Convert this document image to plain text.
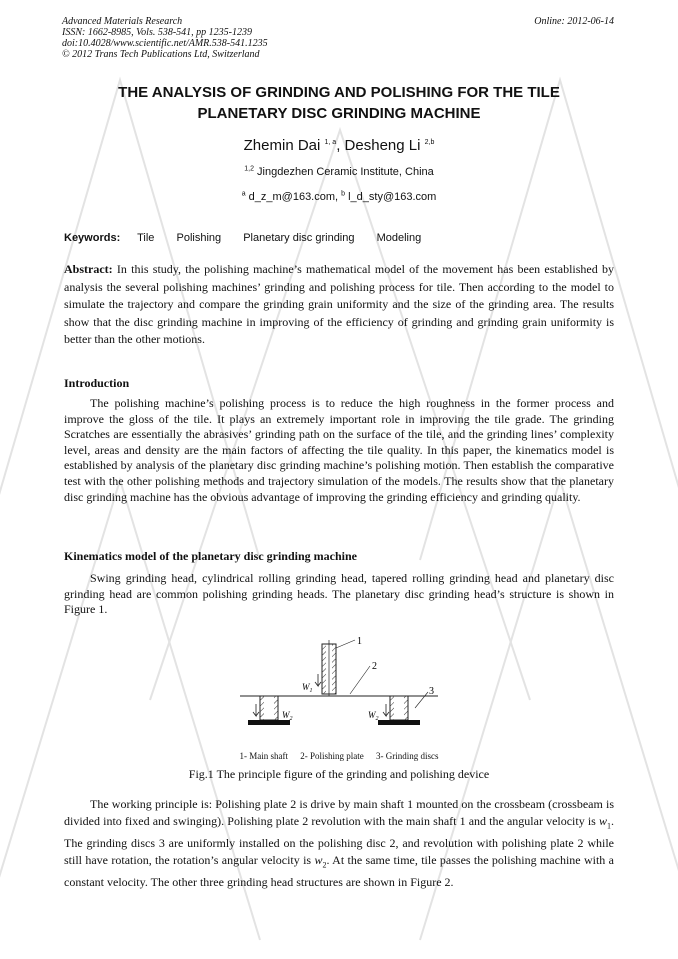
Advanced Materials Research
ISSN: 1662-8985, Vols. 538-541, pp 1235-1239
doi:10.4028/www.scientific.net/AMR.538-541.1235
© 2012 Trans Tech Publications Ltd, Switzerland
Online: 2012-06-14
THE ANALYSIS OF GRINDING AND POLISHING FOR THE TILE
PLANETARY DISC GRINDING MACHINE
Zhemin Dai $^{1, a}$, Desheng Li $^{2,b}$
$^{1,2}$ Jingdezhen Ceramic Institute, China
$^a$ d_z_m@163.com, $^b$ l_d_sty@163.com
Keywords: Tile Polishing Planetary disc grinding Modeling

Abstract: In this study, the polishing machine’s mathematical model of the movement has been established by analysis the several polishing machines’ grinding and polishing process for tile. Then according to the model to simulate the trajectory and compare the grinding grain uniformity and the size of the grinding area. The results show that the disc grinding machine in improving of the efficiency of grinding and grinding grain uniformity is better than the other motions.

Introduction

The polishing machine’s polishing process is to reduce the high roughness in the former process and improve the gloss of the tile. It plays an extremely important role in improving the tile grade. The grinding Scratches are essentially the abrasives’ grinding path on the surface of the tile, and the grinding lines’ complexity level, areas and density are the main factors of affecting the tile quality. In this paper, the kinematics model is established by analysis of the planetary disc grinding machine’s polishing motion. Then establish the comparative test with the other polishing methods and trajectory simulation of the models. The results show that the planetary disc grinding machine has the obvious advantage of improving the grinding efficiency and grinding quality.

Kinematics model of the planetary disc grinding machine

Swing grinding head, cylindrical rolling grinding head, tapered rolling grinding head and planetary disc grinding head are common polishing grinding heads. The planetary disc grinding head’s structure is shown in Figure 1.

1
2
3
$W_1$
$W_2$	$W_2$
1- Main shaft 2- Polishing plate 3- Grinding discs
Fig.1 The principle figure of the grinding and polishing device

The working principle is: Polishing plate 2 is drive by main shaft 1 mounted on the crossbeam (crossbeam is divided into fixed and swinging). Polishing plate 2 revolution with the main shaft 1 and the angular velocity is $w_1$. The grinding discs 3 are uniformly installed on the polishing disc 2, and revolution with polishing plate 2 while still have rotation, the rotation’s angular velocity is $w_2$. At the same time, tile passes the polishing machine with a constant velocity. The other three grinding head structures are shown in Figure 2.
